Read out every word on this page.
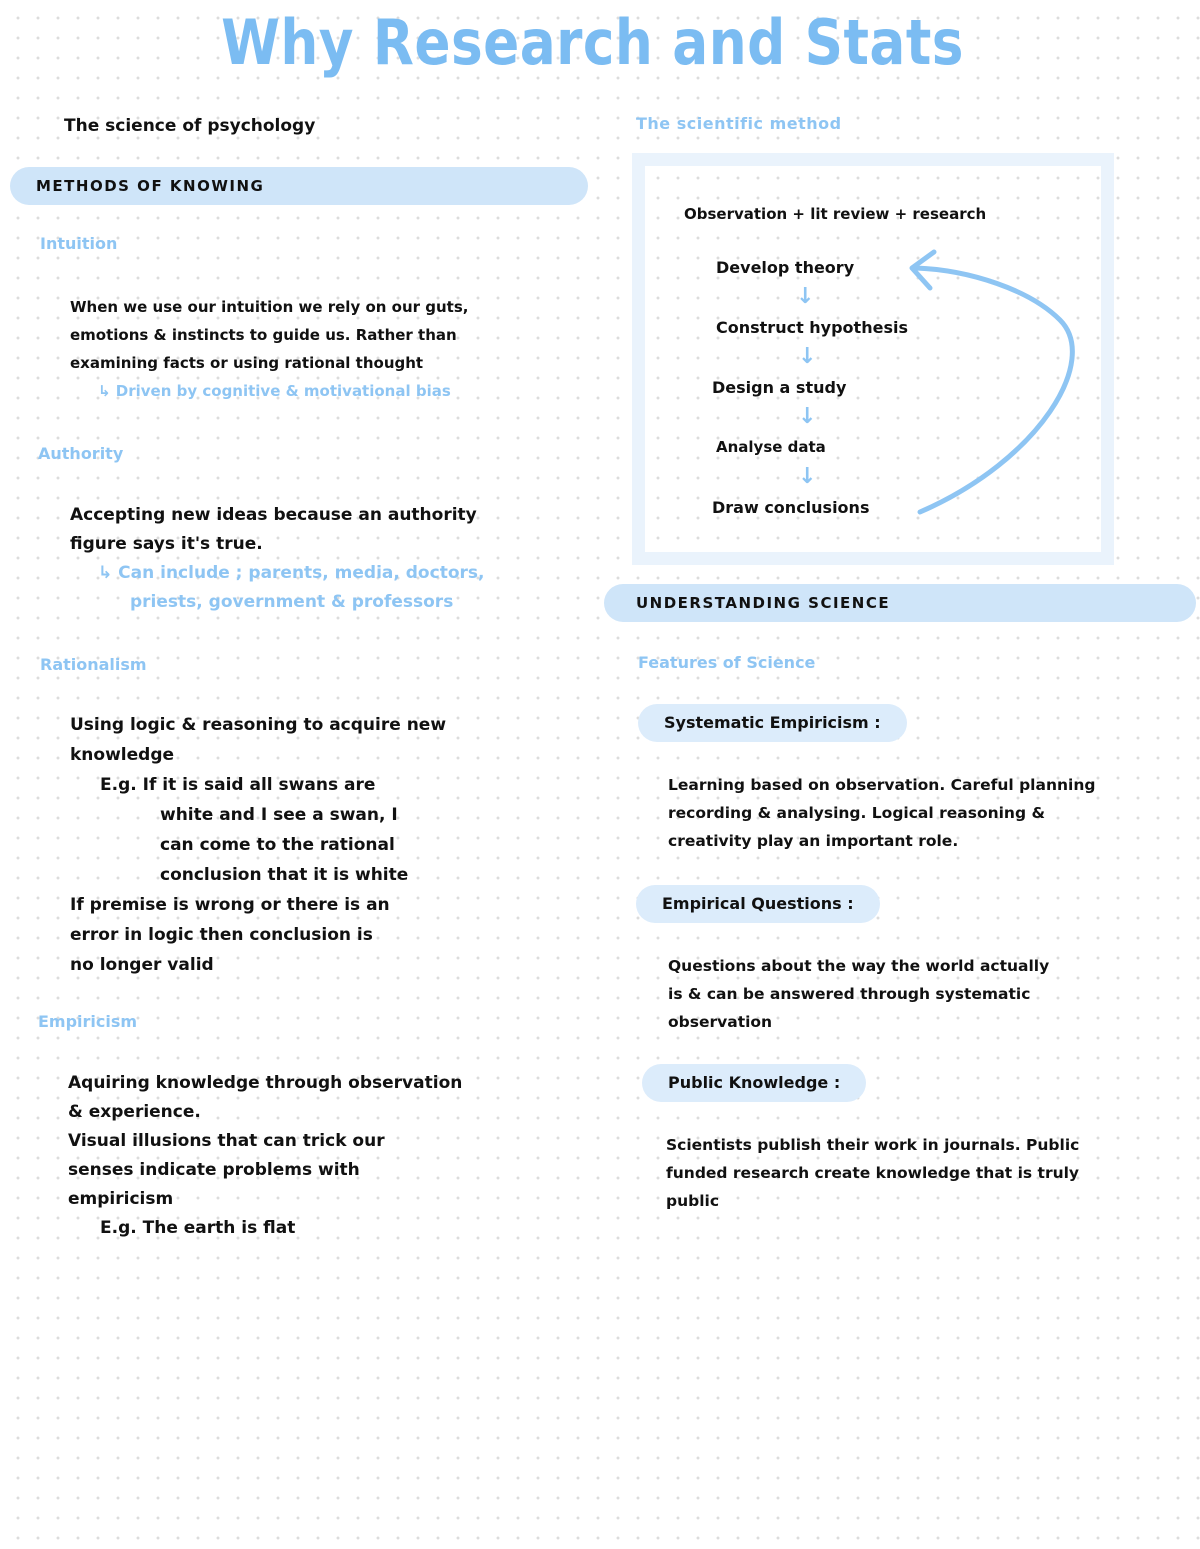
Why Research and Stats
The science of psychology
METHODS OF KNOWING
Intuition
When we use our intuition we rely on our guts,
emotions & instincts to guide us. Rather than
examining facts or using rational thought
↳ Driven by cognitive & motivational bias
Authority
Accepting new ideas because an authority
figure says it's true.
↳ Can include ; parents, media, doctors,
priests, government & professors
Rationalism
Using logic & reasoning to acquire new
knowledge
E.g. If it is said all swans are
white and I see a swan, I
can come to the rational
conclusion that it is white
If premise is wrong or there is an
error in logic then conclusion is
no longer valid
Empiricism
Aquiring knowledge through observation
& experience.
Visual illusions that can trick our
senses indicate problems with
empiricism
E.g. The earth is flat
The scientific method
Observation + lit review + research
Develop theory
↓
Construct hypothesis
↓
Design a study
↓
Analyse data
↓
Draw conclusions
UNDERSTANDING SCIENCE
Features of Science
Systematic Empiricism :
Learning based on observation. Careful planning
recording & analysing. Logical reasoning &
creativity play an important role.
Empirical Questions :
Questions about the way the world actually
is & can be answered through systematic
observation
Public Knowledge :
Scientists publish their work in journals. Public
funded research create knowledge that is truly
public
